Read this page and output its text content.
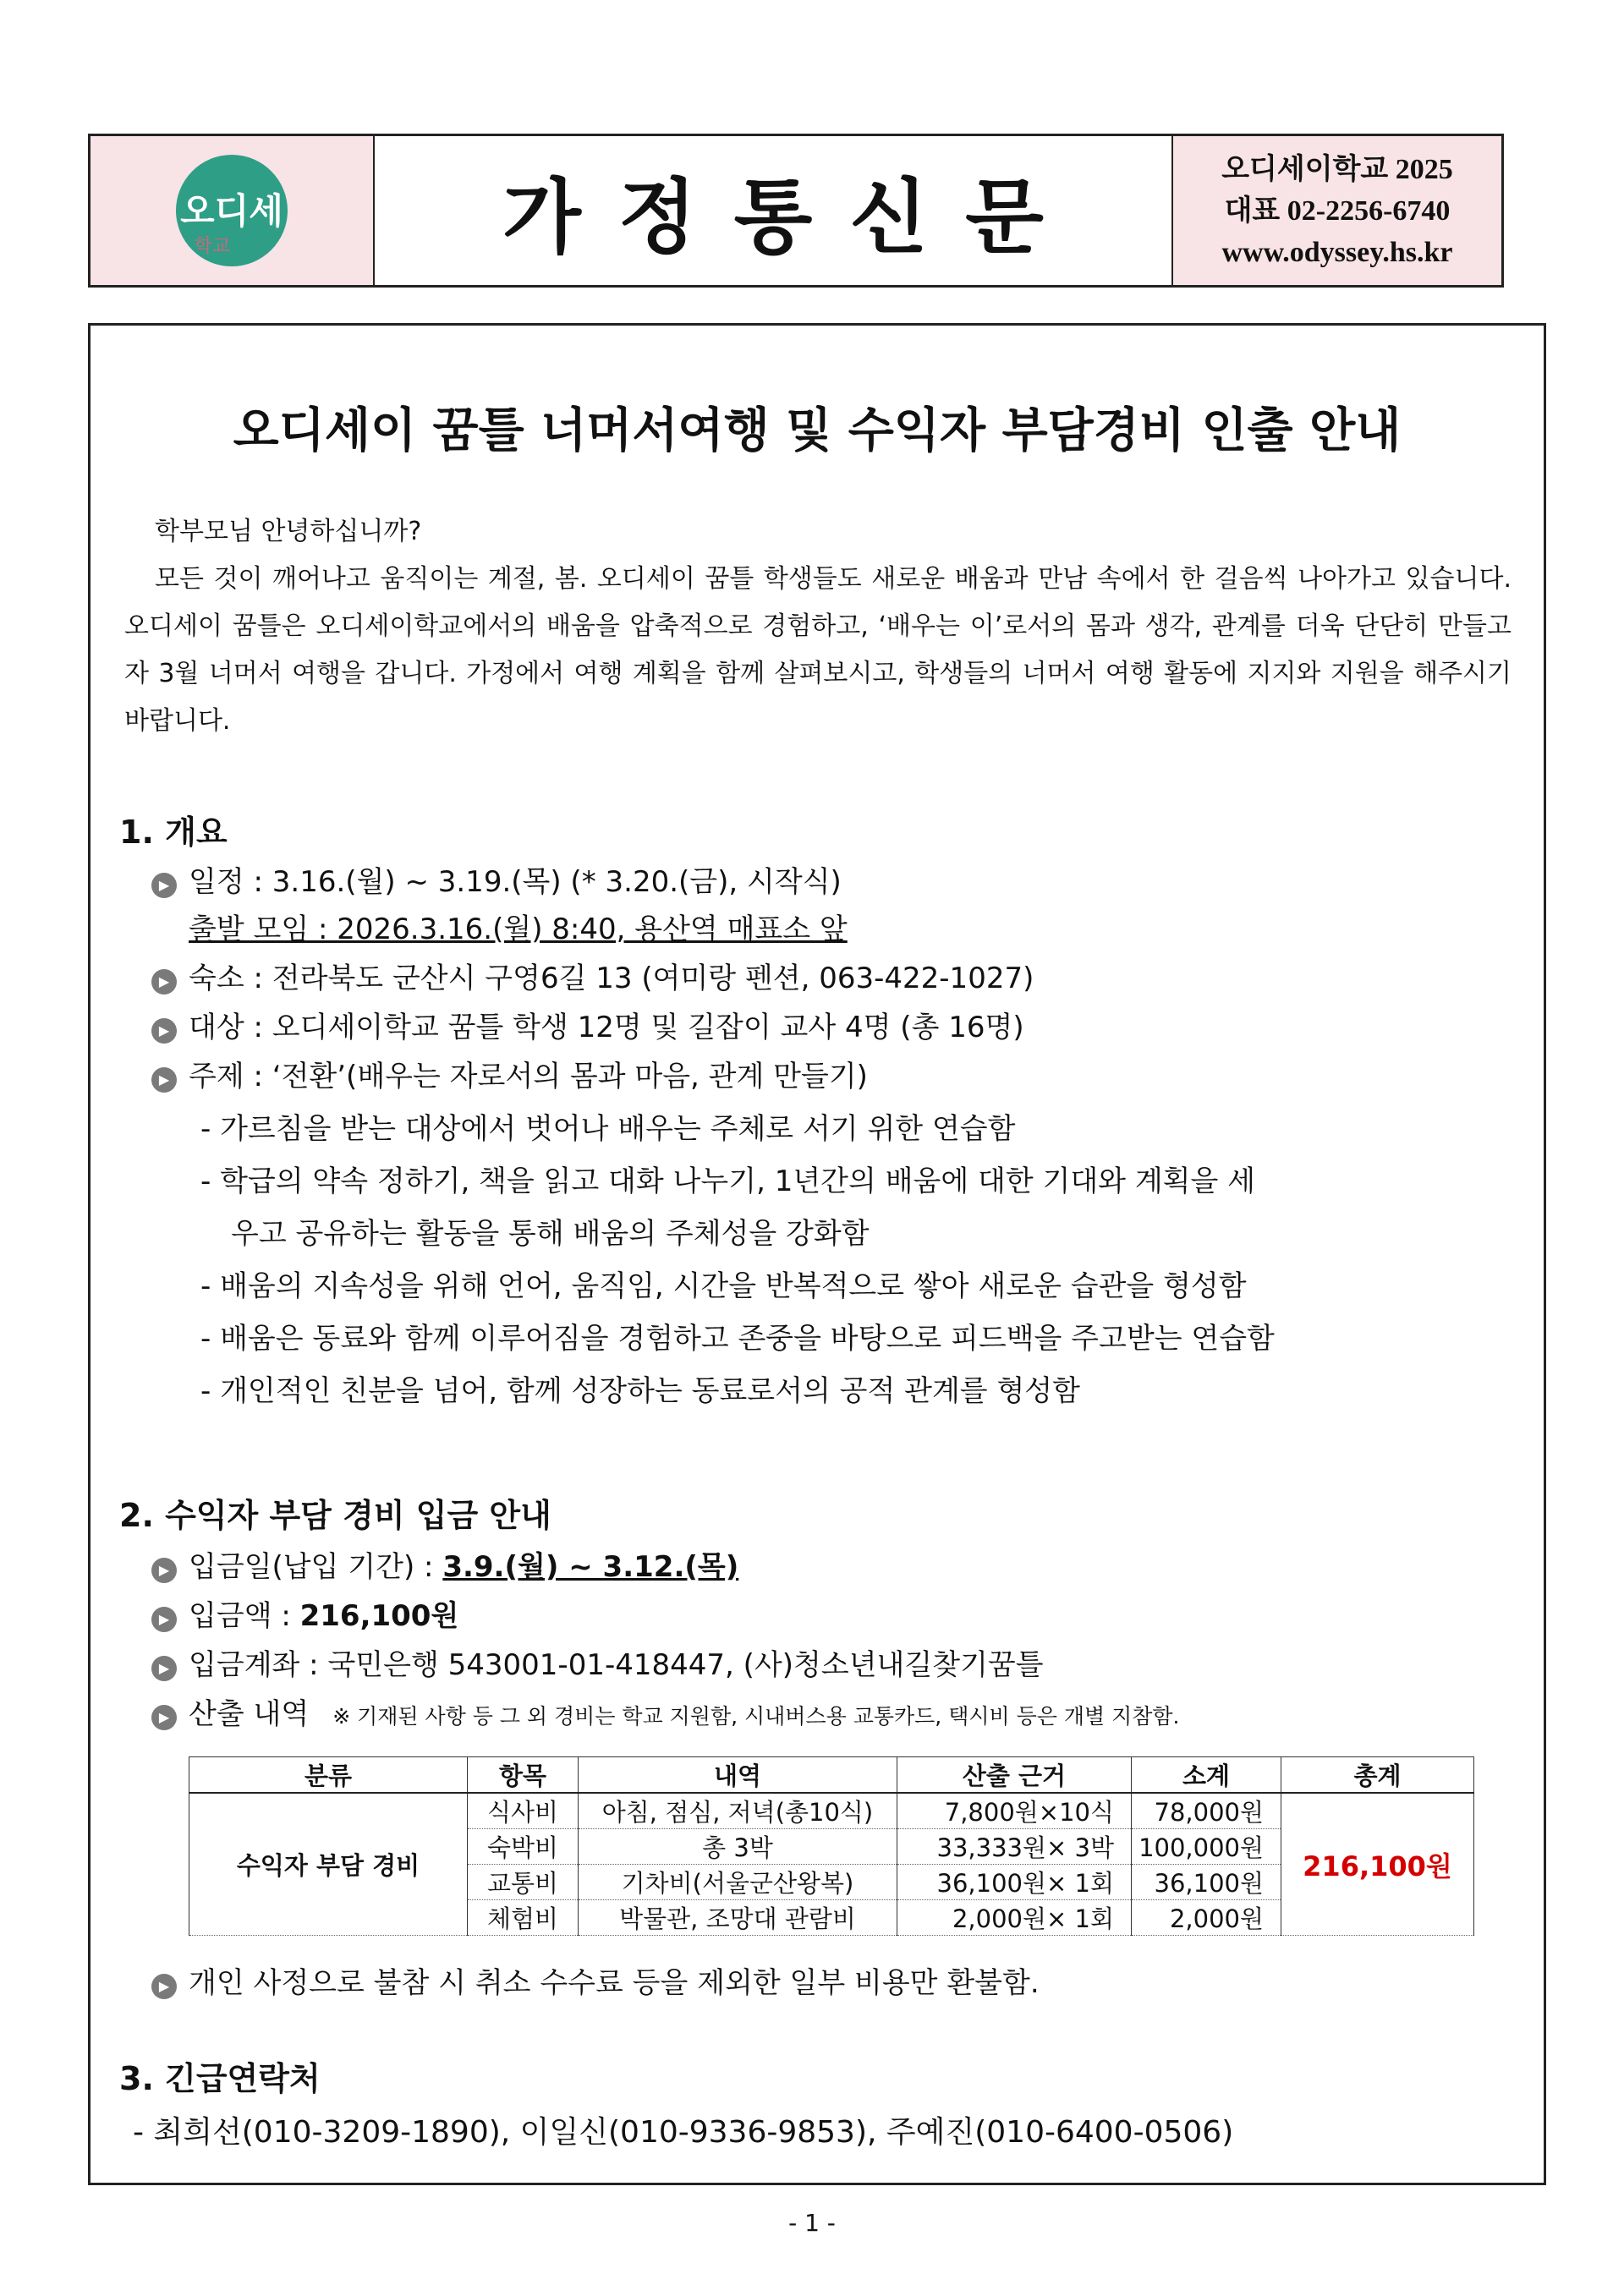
오디세
학교	가정통신문
오디세이학교 2025
대표 02-2256-6740
www.odyssey.hs.kr
오디세이 꿈틀 너머서여행 및 수익자 부담경비 인출 안내

학부모님 안녕하십니까?

모든 것이 깨어나고 움직이는 계절, 봄. 오디세이 꿈틀 학생들도 새로운 배움과 만남 속에서 한 걸음씩 나아가고 있습니다. 오디세이 꿈틀은 오디세이학교에서의 배움을 압축적으로 경험하고, ‘배우는 이’로서의 몸과 생각, 관계를 더욱 단단히 만들고자 3월 너머서 여행을 갑니다. 가정에서 여행 계획을 함께 살펴보시고, 학생들의 너머서 여행 활동에 지지와 지원을 해주시기 바랍니다.

1. 개요
▶ 일정 : 3.16.(월) ~ 3.19.(목) (* 3.20.(금), 시작식)
출발 모임 : 2026.3.16.(월) 8:40, 용산역 매표소 앞
▶ 숙소 : 전라북도 군산시 구영6길 13 (여미랑 펜션, 063-422-1027)
▶ 대상 : 오디세이학교 꿈틀 학생 12명 및 길잡이 교사 4명 (총 16명)
▶ 주제 : ‘전환’(배우는 자로서의 몸과 마음, 관계 만들기)
- 가르침을 받는 대상에서 벗어나 배우는 주체로 서기 위한 연습함
- 학급의 약속 정하기, 책을 읽고 대화 나누기, 1년간의 배움에 대한 기대와 계획을 세
우고 공유하는 활동을 통해 배움의 주체성을 강화함
- 배움의 지속성을 위해 언어, 움직임, 시간을 반복적으로 쌓아 새로운 습관을 형성함
- 배움은 동료와 함께 이루어짐을 경험하고 존중을 바탕으로 피드백을 주고받는 연습함
- 개인적인 친분을 넘어, 함께 성장하는 동료로서의 공적 관계를 형성함
2. 수익자 부담 경비 입금 안내
▶ 입금일(납입 기간) : 3.9.(월) ~ 3.12.(목)
▶ 입금액 : 216,100원
▶ 입금계좌 : 국민은행 543001-01-418447, (사)청소년내길찾기꿈틀
▶ 산출 내역 ※ 기재된 사항 등 그 외 경비는 학교 지원함, 시내버스용 교통카드, 택시비 등은 개별 지참함.
분류	항목	내역	산출 근거	소계	총계
수익자 부담 경비	식사비	아침, 점심, 저녁(총10식)	7,800원×10식	78,000원	216,100원
	숙박비	총 3박	33,333원× 3박	100,000원	
	교통비	기차비(서울군산왕복)	36,100원× 1회	36,100원	
	체험비	박물관, 조망대 관람비	2,000원× 1회	2,000원	
▶ 개인 사정으로 불참 시 취소 수수료 등을 제외한 일부 비용만 환불함.
3. 긴급연락처
- 최희선(010-3209-1890), 이일신(010-9336-9853), 주예진(010-6400-0506)
- 1 -
